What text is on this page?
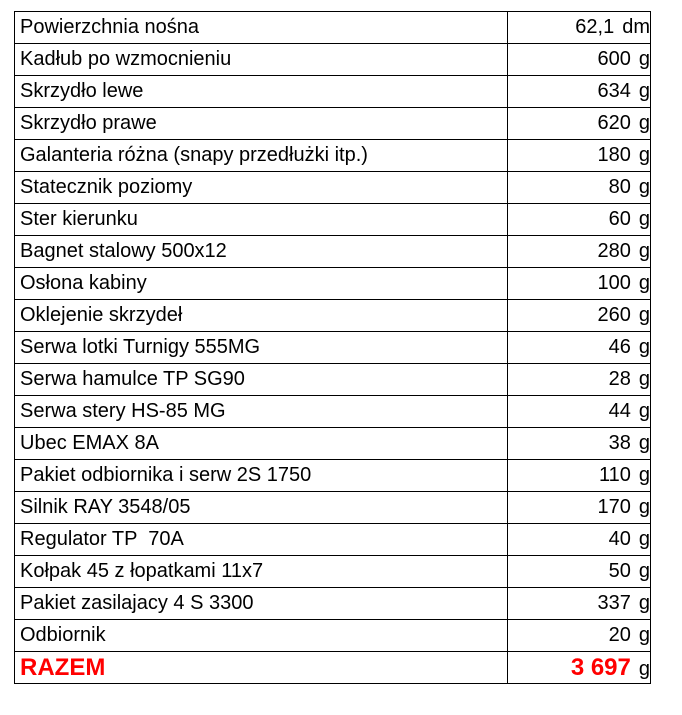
Powierzchnia nośna	62,1 dm
Kadłub po wzmocnieniu	600 g
Skrzydło lewe	634 g
Skrzydło prawe	620 g
Galanteria różna (snapy przedłużki itp.)	180 g
Statecznik poziomy	80 g
Ster kierunku	60 g
Bagnet stalowy 500x12	280 g
Osłona kabiny	100 g
Oklejenie skrzydeł	260 g
Serwa lotki Turnigy 555MG	46 g
Serwa hamulce TP SG90	28 g
Serwa stery HS-85 MG	44 g
Ubec EMAX 8A	38 g
Pakiet odbiornika i serw 2S 1750	110 g
Silnik RAY 3548/05	170 g
Regulator TP  70A	40 g
Kołpak 45 z łopatkami 11x7	50 g
Pakiet zasilajacy 4 S 3300	337 g
Odbiornik	20 g
RAZEM	3 697 g
